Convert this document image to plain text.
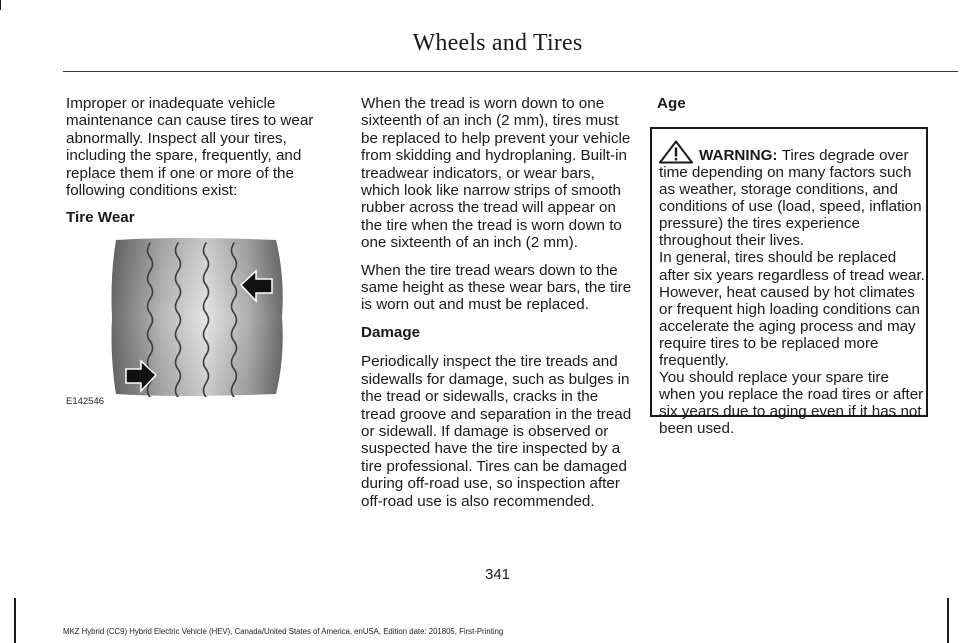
Wheels and Tires

Improper or inadequate vehicle maintenance can cause tires to wear abnormally. Inspect all your tires, including the spare, frequently, and replace them if one or more of the following conditions exist:

Tire Wear

E142546

When the tread is worn down to one sixteenth of an inch (2 mm), tires must be replaced to help prevent your vehicle from skidding and hydroplaning. Built-in treadwear indicators, or wear bars, which look like narrow strips of smooth rubber across the tread will appear on the tire when the tread is worn down to one sixteenth of an inch (2 mm).

When the tire tread wears down to the same height as these wear bars, the tire is worn out and must be replaced.

Damage

Periodically inspect the tire treads and sidewalls for damage, such as bulges in the tread or sidewalls, cracks in the tread groove and separation in the tread or sidewall. If damage is observed or suspected have the tire inspected by a tire professional. Tires can be damaged during off-road use, so inspection after off-road use is also recommended.

Age

WARNING:
Tires degrade over

time depending on many factors such as weather, storage conditions, and conditions of use (load, speed, inflation pressure) the tires experience throughout their lives.

In general, tires should be replaced after six years regardless of tread wear. However, heat caused by hot climates or frequent high loading conditions can accelerate the aging process and may require tires to be replaced more frequently.

You should replace your spare tire when you replace the road tires or after six years due to aging even if it has not been used.

341
MKZ Hybrid (CC9) Hybrid Electric Vehicle (HEV), Canada/United States of America, enUSA, Edition date: 201805, First-Printing
